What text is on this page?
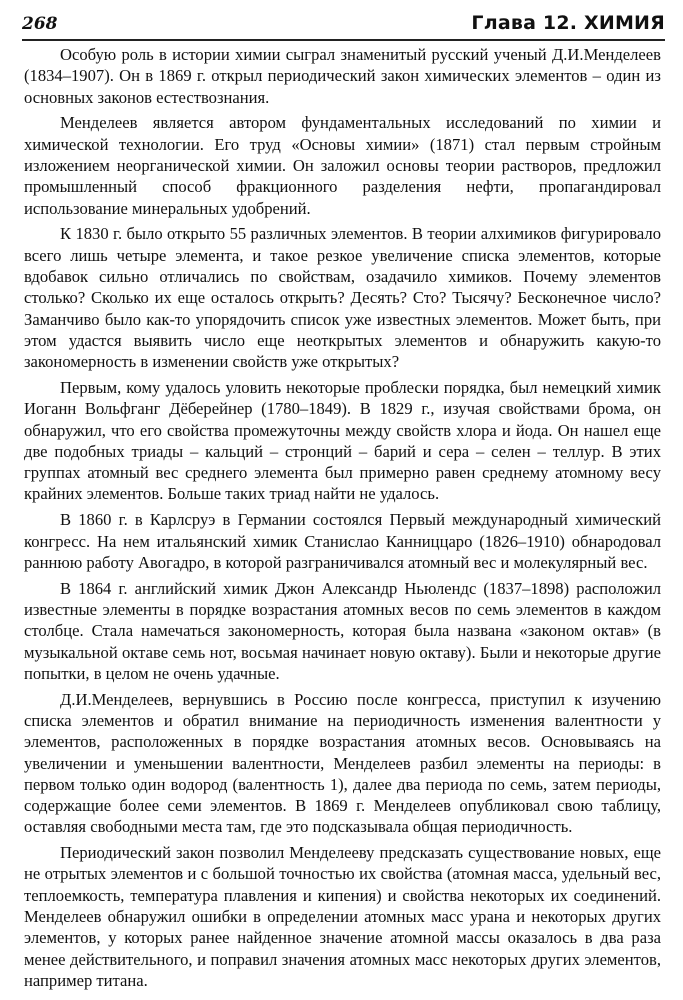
268	Глава 12. ХИМИЯ

Особую роль в истории химии сыграл знаменитый русский ученый Д.И.Менделеев (1834–1907). Он в 1869 г. открыл периодический закон химических элементов – один из основных законов естествознания.

Менделеев является автором фундаментальных исследований по химии и химической технологии. Его труд «Основы химии» (1871) стал первым стройным изложением неорганической химии. Он заложил основы теории растворов, предложил промышленный способ фракционного разделения нефти, пропагандировал использование минеральных удобрений.

К 1830 г. было открыто 55 различных элементов. В теории алхимиков фигурировало всего лишь четыре элемента, и такое резкое увеличение списка элементов, которые вдобавок сильно отличались по свойствам, озадачило химиков. Почему элементов столько? Сколько их еще осталось открыть? Десять? Сто? Тысячу? Бесконечное число? Заманчиво было как-то упорядочить список уже известных элементов. Может быть, при этом удастся выявить число еще неоткрытых элементов и обнаружить какую-то закономерность в изменении свойств уже открытых?

Первым, кому удалось уловить некоторые проблески порядка, был немецкий химик Иоганн Вольфганг Дёберейнер (1780–1849). В 1829 г., изучая свойствами брома, он обнаружил, что его свойства промежуточны между свойств хлора и йода. Он нашел еще две подобных триады – кальций – стронций – барий и сера – селен – теллур. В этих группах атомный вес среднего элемента был примерно равен среднему атомному весу крайних элементов. Больше таких триад найти не удалось.

В 1860 г. в Карлсруэ в Германии состоялся Первый международный химический конгресс. На нем итальянский химик Станислао Канниццаро (1826–1910) обнародовал раннюю работу Авогадро, в которой разграничивался атомный вес и молекулярный вес.

В 1864 г. английский химик Джон Александр Ньюлендс (1837–1898) расположил известные элементы в порядке возрастания атомных весов по семь элементов в каждом столбце. Стала намечаться закономерность, которая была названа «законом октав» (в музыкальной октаве семь нот, восьмая начинает новую октаву). Были и некоторые другие попытки, в целом не очень удачные.

Д.И.Менделеев, вернувшись в Россию после конгресса, приступил к изучению списка элементов и обратил внимание на периодичность изменения валентности у элементов, расположенных в порядке возрастания атомных весов. Основываясь на увеличении и уменьшении валентности, Менделеев разбил элементы на периоды: в первом только один водород (валентность 1), далее два периода по семь, затем периоды, содержащие более семи элементов. В 1869 г. Менделеев опубликовал свою таблицу, оставляя свободными места там, где это подсказывала общая периодичность.

Периодический закон позволил Менделееву предсказать существование новых, еще не отрытых элементов и с большой точностью их свойства (атомная масса, удельный вес, теплоемкость, температура плавления и кипения) и свойства некоторых их соединений. Менделеев обнаружил ошибки в определении атомных масс урана и некоторых других элементов, у которых ранее найденное значение атомной массы оказалось в два раза менее действительного, и поправил значения атомных масс некоторых других элементов, например титана.
